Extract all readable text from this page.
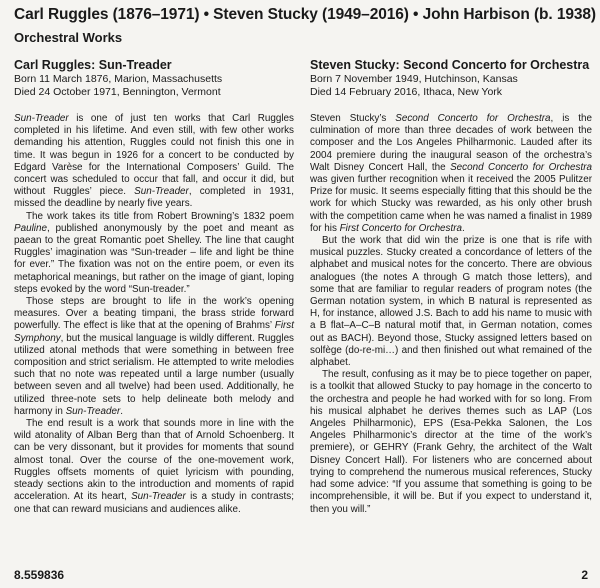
Carl Ruggles (1876–1971) • Steven Stucky (1949–2016) • John Harbison (b. 1938)
Orchestral Works
Carl Ruggles: Sun-Treader
Born 11 March 1876, Marion, Massachusetts
Died 24 October 1971, Bennington, Vermont

Sun-Treader is one of just ten works that Carl Ruggles completed in his lifetime. And even still, with few other works demanding his attention, Ruggles could not finish this one in time. It was begun in 1926 for a concert to be conducted by Edgard Varèse for the International Composers’ Guild. The concert was scheduled to occur that fall, and occur it did, but without Ruggles’ piece. Sun-Treader, completed in 1931, missed the deadline by nearly five years.

The work takes its title from Robert Browning’s 1832 poem Pauline, published anonymously by the poet and meant as paean to the great Romantic poet Shelley. The line that caught Ruggles’ imagination was “Sun-treader – life and light be thine for ever.” The fixation was not on the entire poem, or even its metaphorical meanings, but rather on the image of giant, loping steps evoked by the word “Sun-treader.”

Those steps are brought to life in the work’s opening measures. Over a beating timpani, the brass stride forward powerfully. The effect is like that at the opening of Brahms’ First Symphony, but the musical language is wildly different. Ruggles utilized atonal methods that were something in between free composition and strict serialism. He attempted to write melodies such that no note was repeated until a large number (usually between seven and all twelve) had been used. Additionally, he utilized three-note sets to help delineate both melody and harmony in Sun-Treader.

The end result is a work that sounds more in line with the wild atonality of Alban Berg than that of Arnold Schoenberg. It can be very dissonant, but it provides for moments that sound almost tonal. Over the course of the one-movement work, Ruggles offsets moments of quiet lyricism with pounding, steady sections akin to the introduction and moments of rapid acceleration. At its heart, Sun-Treader is a study in contrasts; one that can reward musicians and audiences alike.

Steven Stucky: Second Concerto for Orchestra
Born 7 November 1949, Hutchinson, Kansas
Died 14 February 2016, Ithaca, New York

Steven Stucky’s Second Concerto for Orchestra, is the culmination of more than three decades of work between the composer and the Los Angeles Philharmonic. Lauded after its 2004 premiere during the inaugural season of the orchestra’s Walt Disney Concert Hall, the Second Concerto for Orchestra was given further recognition when it received the 2005 Pulitzer Prize for music. It seems especially fitting that this should be the work for which Stucky was rewarded, as his only other brush with the competition came when he was named a finalist in 1989 for his First Concerto for Orchestra.

But the work that did win the prize is one that is rife with musical puzzles. Stucky created a concordance of letters of the alphabet and musical notes for the concerto. There are obvious analogues (the notes A through G match those letters), and some that are familiar to regular readers of program notes (the German notation system, in which B natural is represented as H, for instance, allowed J.S. Bach to add his name to music with a B flat–A–C–B natural motif that, in German notation, comes out as BACH). Beyond those, Stucky assigned letters based on solfège (do-re-mi…) and then finished out what remained of the alphabet.

The result, confusing as it may be to piece together on paper, is a toolkit that allowed Stucky to pay homage in the concerto to the orchestra and people he had worked with for so long. From his musical alphabet he derives themes such as LAP (Los Angeles Philharmonic), EPS (Esa-Pekka Salonen, the Los Angeles Philharmonic’s director at the time of the work’s premiere), or GEHRY (Frank Gehry, the architect of the Walt Disney Concert Hall). For listeners who are concerned about trying to comprehend the numerous musical references, Stucky had some advice: “If you assume that something is going to be incomprehensible, it will be. But if you expect to understand it, then you will.”

8.559836	2
